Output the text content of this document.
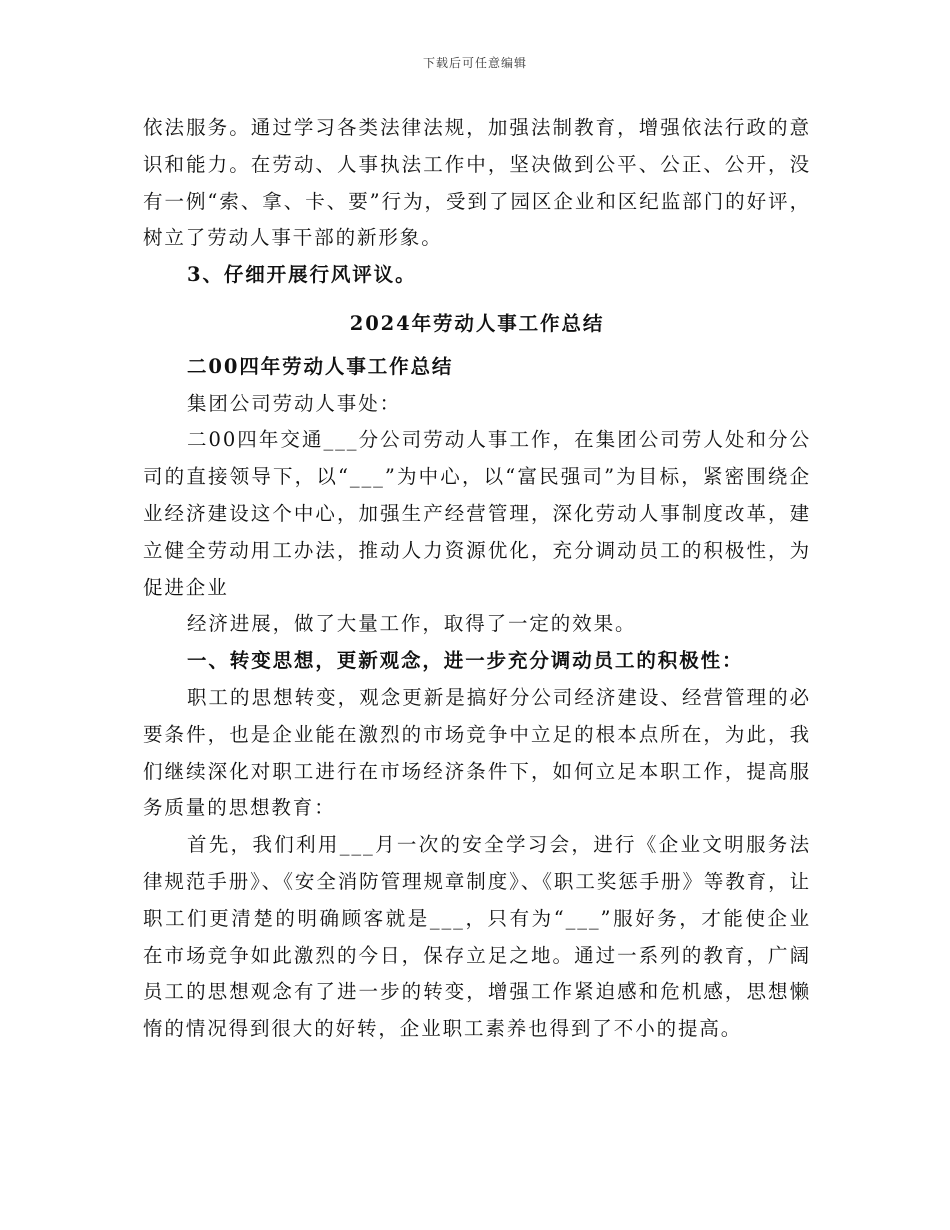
下载后可任意编辑

依法服务。通过学习各类法律法规，加强法制教育，增强依法行政的意识和能力。在劳动、人事执法工作中，坚决做到公平、公正、公开，没有一例“索、拿、卡、要”行为，受到了园区企业和区纪监部门的好评，树立了劳动人事干部的新形象。

3、仔细开展行风评议。

2024年劳动人事工作总结

二00四年劳动人事工作总结

集团公司劳动人事处：

二00四年交通___分公司劳动人事工作，在集团公司劳人处和分公司的直接领导下，以“___”为中心，以“富民强司”为目标，紧密围绕企业经济建设这个中心，加强生产经营管理，深化劳动人事制度改革，建立健全劳动用工办法，推动人力资源优化，充分调动员工的积极性，为促进企业

经济进展，做了大量工作，取得了一定的效果。

一、转变思想，更新观念，进一步充分调动员工的积极性：

职工的思想转变，观念更新是搞好分公司经济建设、经营管理的必要条件，也是企业能在激烈的市场竞争中立足的根本点所在，为此，我们继续深化对职工进行在市场经济条件下，如何立足本职工作，提高服务质量的思想教育：

首先，我们利用___月一次的安全学习会，进行《企业文明服务法律规范手册》、《安全消防管理规章制度》、《职工奖惩手册》等教育，让职工们更清楚的明确顾客就是___，只有为“___”服好务，才能使企业在市场竞争如此激烈的今日，保存立足之地。通过一系列的教育，广阔员工的思想观念有了进一步的转变，增强工作紧迫感和危机感，思想懒惰的情况得到很大的好转，企业职工素养也得到了不小的提高。
